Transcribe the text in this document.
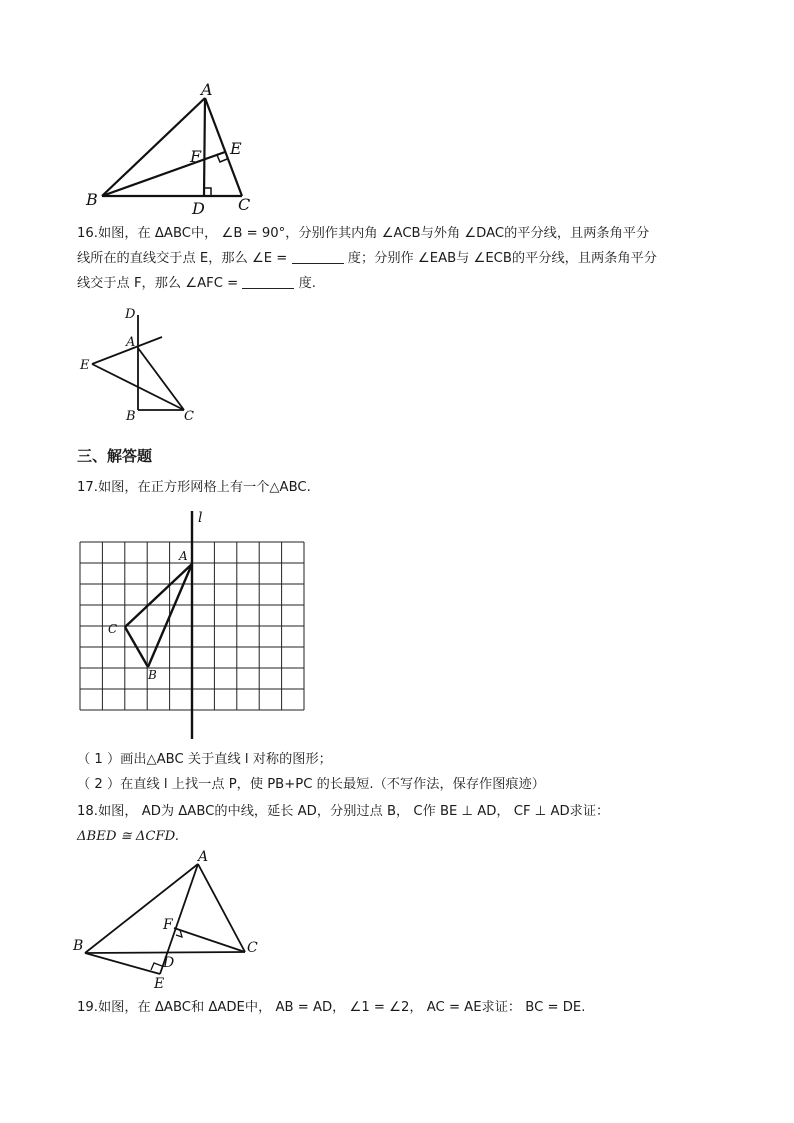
A
E
F
B	D C
16.如图，在 ΔABC中， ∠B = 90°，分别作其内角 ∠ACB与外角 ∠DAC的平分线，且两条角平分
线所在的直线交于点 E，那么 ∠E =	度；分别作 ∠EAB与 ∠ECB的平分线，且两条角平分
线交于点 F，那么 ∠AFC =	度.
D
A
E
B	C
三、解答题
17.如图，在正方形网格上有一个△ABC.
l
A
C
B
（ 1 ）画出△ABC 关于直线 l 对称的图形；
（ 2 ）在直线 l 上找一点 P，使 PB+PC 的长最短.（不写作法，保存作图痕迹）
18.如图， AD为 ΔABC的中线，延长 AD，分别过点 B， C作 BE ⊥ AD， CF ⊥ AD求证：
ΔBED ≅ ΔCFD.
A
F
B	C
D
E
19.如图，在 ΔABC和 ΔADE中， AB = AD， ∠1 = ∠2， AC = AE求证： BC = DE.
